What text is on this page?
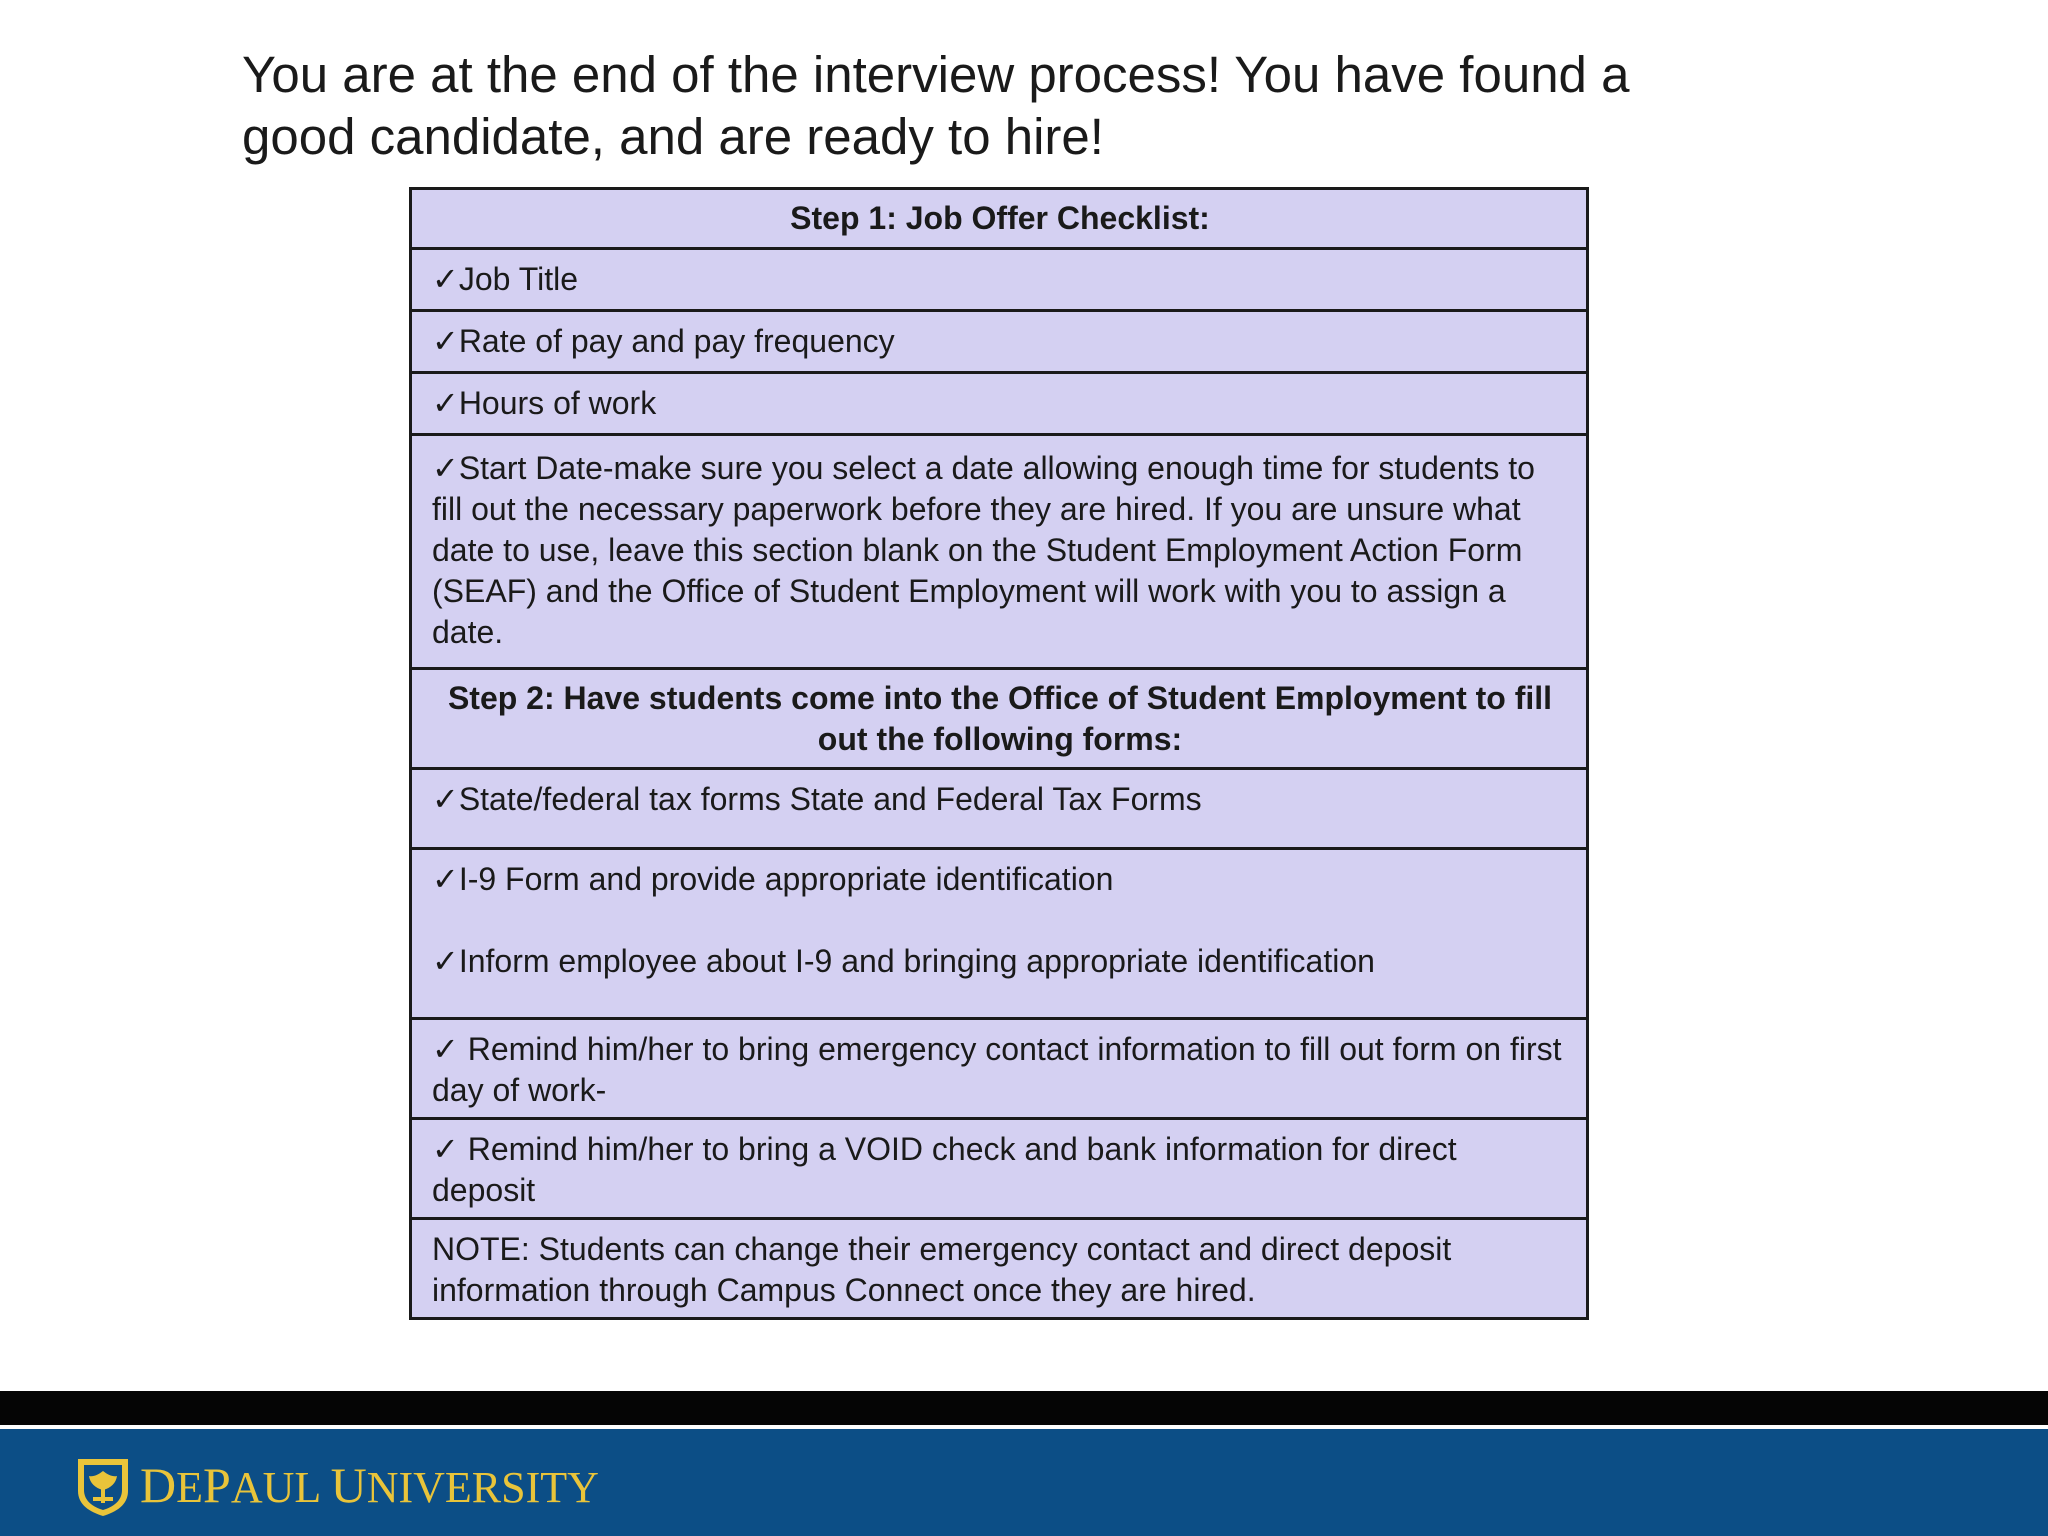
You are at the end of the interview process! You have found a
good candidate, and are ready to hire!
Step 1: Job Offer Checklist:
✓Job Title
✓Rate of pay and pay frequency
✓Hours of work
✓Start Date-make sure you select a date allowing enough time for students to fill out the necessary paperwork before they are hired. If you are unsure what date to use, leave this section blank on the Student Employment Action Form (SEAF) and the Office of Student Employment will work with you to assign a date.
Step 2: Have students come into the Office of Student Employment to fill out the following forms:
✓State/federal tax forms State and Federal Tax Forms
✓I-9 Form and provide appropriate identification
✓Inform employee about I-9 and bringing appropriate identification
✓ Remind him/her to bring emergency contact information to fill out form on first day of work-
✓ Remind him/her to bring a VOID check and bank information for direct deposit
NOTE: Students can change their emergency contact and direct deposit information through Campus Connect once they are hired.
DEPAUL UNIVERSITY
